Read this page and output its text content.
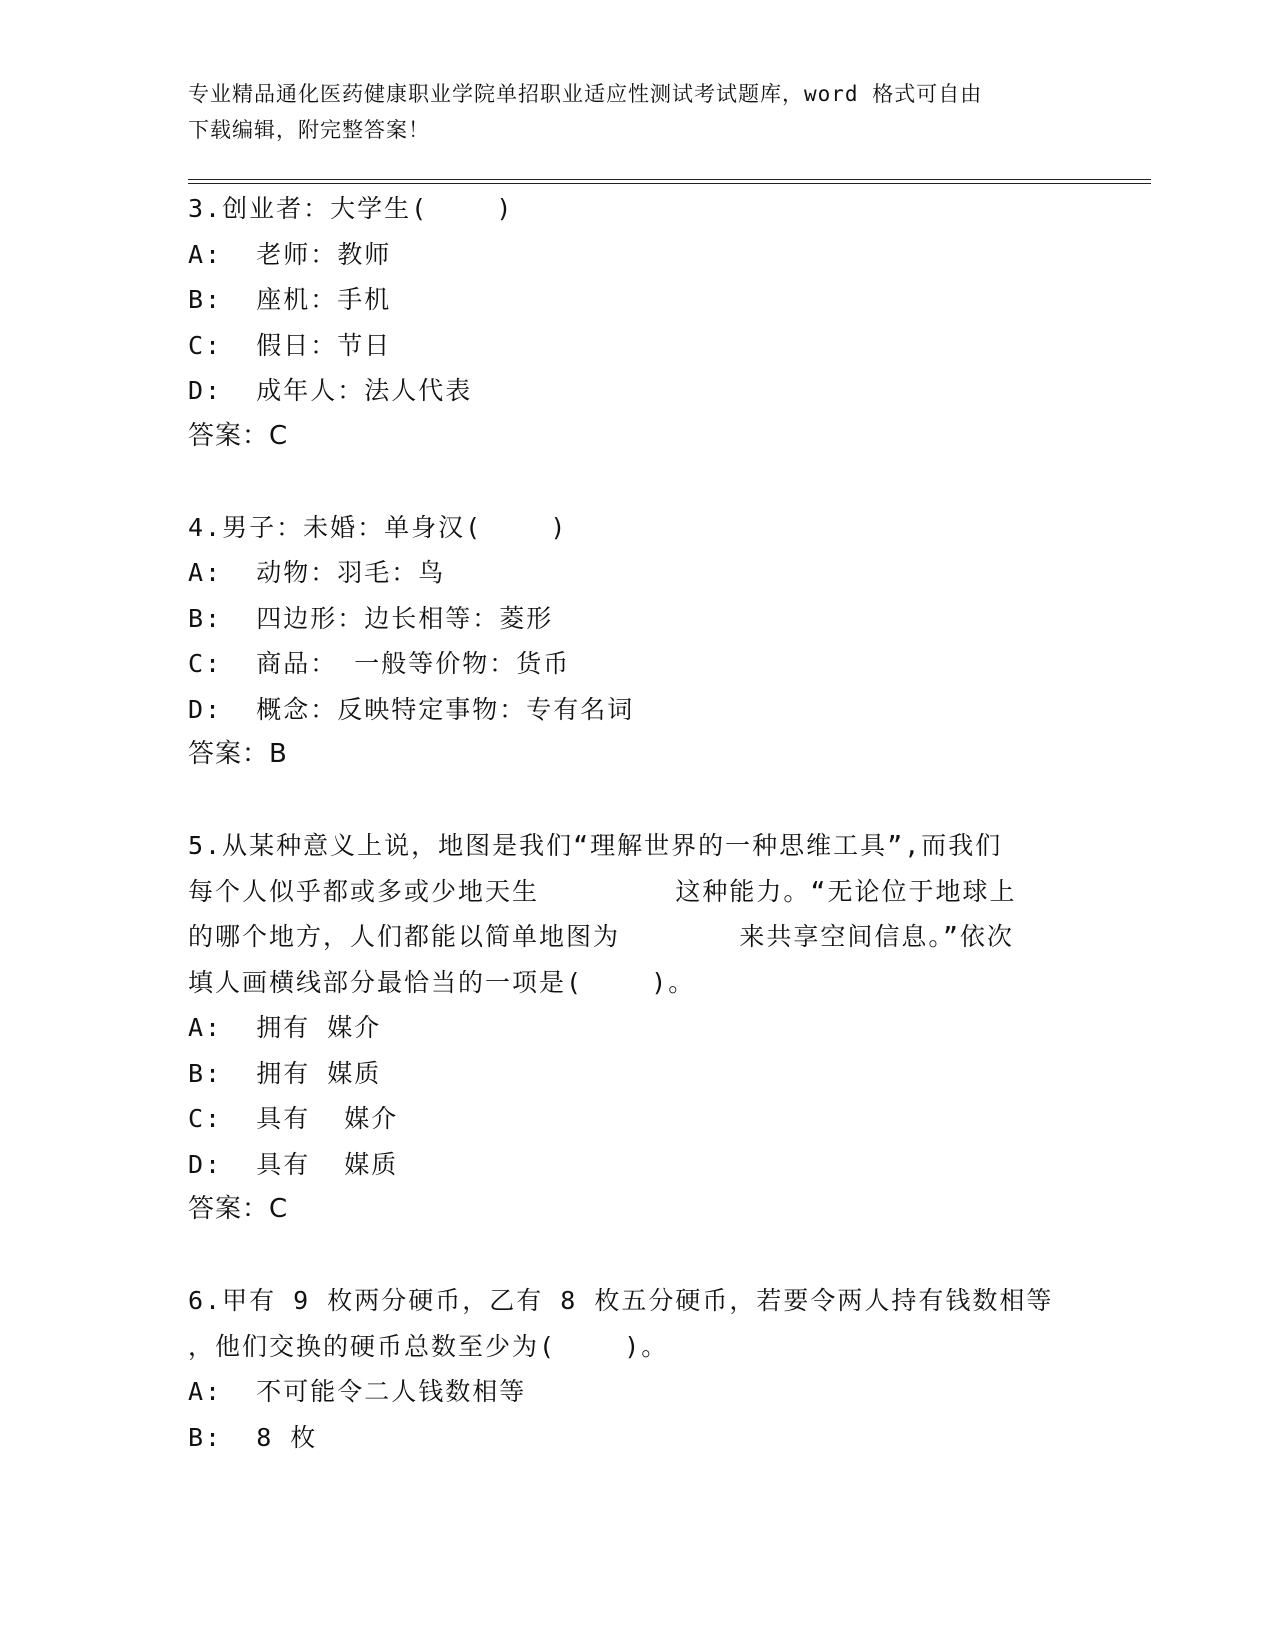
专业精品通化医药健康职业学院单招职业适应性测试考试题库，word 格式可自由
下载编辑，附完整答案！
3.创业者：大学生(    )
A:  老师：教师
B:  座机：手机
C:  假日：节日
D:  成年人：法人代表
答案：C
4.男子：未婚：单身汉(    )
A:  动物：羽毛：鸟
B:  四边形：边长相等：菱形
C:  商品： 一般等价物：货币
D:  概念：反映特定事物：专有名词
答案：B
5.从某种意义上说，地图是我们“理解世界的一种思维工具”,而我们
每个人似乎都或多或少地天生        这种能力。“无论位于地球上
的哪个地方，人们都能以简单地图为       来共享空间信息。”依次
填人画横线部分最恰当的一项是(    )。
A:  拥有 媒介
B:  拥有 媒质
C:  具有  媒介
D:  具有  媒质
答案：C
6.甲有 9 枚两分硬币，乙有 8 枚五分硬币，若要令两人持有钱数相等
，他们交换的硬币总数至少为(    )。
A:  不可能令二人钱数相等
B:  8 枚
